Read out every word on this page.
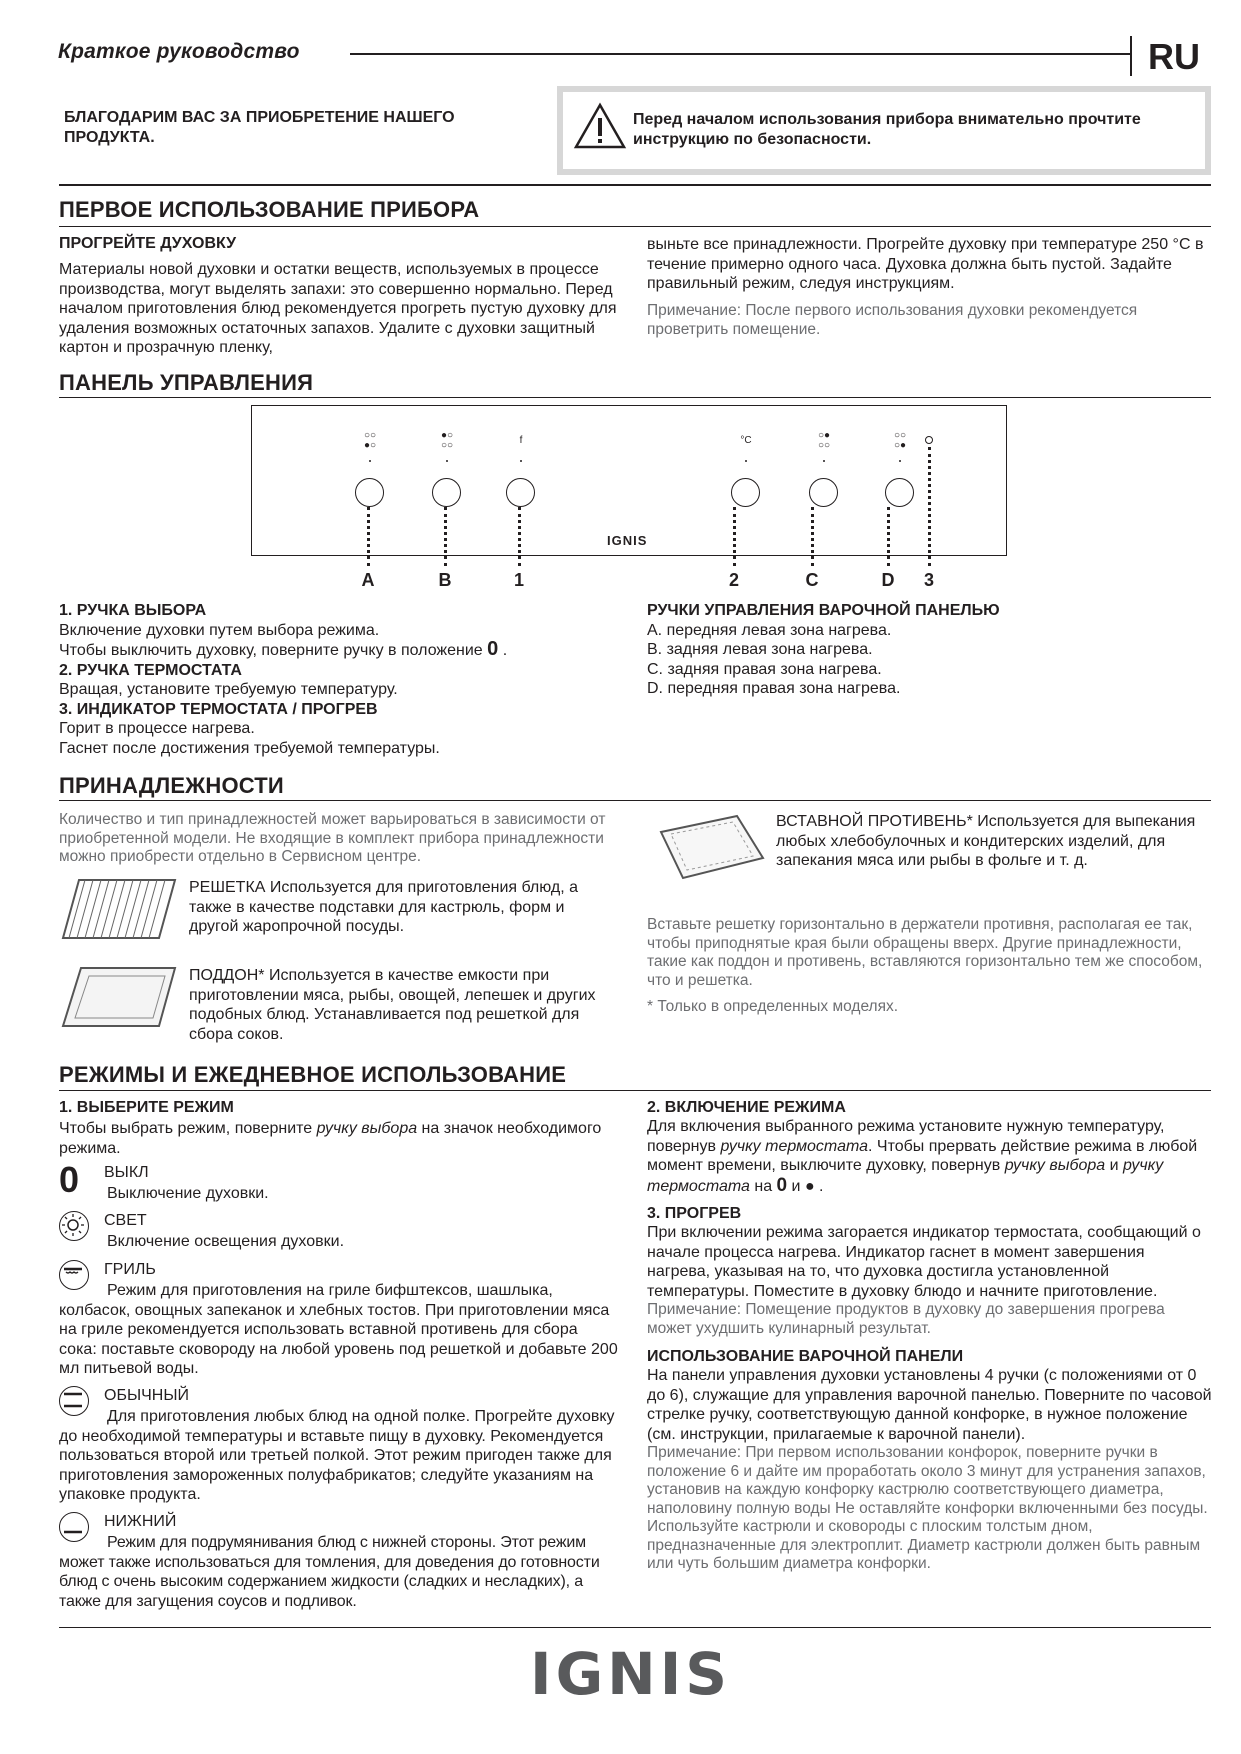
Краткое руководство	RU
БЛАГОДАРИМ ВАС ЗА ПРИОБРЕТЕНИЕ НАШЕГО ПРОДУКТА.
Перед началом использования прибора внимательно прочтите инструкцию по безопасности.
ПЕРВОЕ ИСПОЛЬЗОВАНИЕ ПРИБОРА
ПРОГРЕЙТЕ ДУХОВКУ
Материалы новой духовки и остатки веществ, используемых в процессе производства, могут выделять запахи: это совершенно нормально. Перед началом приготовления блюд рекомендуется прогреть пустую духовку для удаления возможных остаточных запахов. Удалите с духовки защитный картон и прозрачную пленку,
выньте все принадлежности. Прогрейте духовку при температуре 250 °C в течение примерно одного часа. Духовка должна быть пустой. Задайте правильный режим, следуя инструкциям.
Примечание: После первого использования духовки рекомендуется проветрить помещение.
ПАНЕЛЬ УПРАВЛЕНИЯ
○○
●○
●○
○○	f	°C	○●
○○
○○
○●
IGNIS
A	B	1	2	C	D	3
1. РУЧКА ВЫБОРА
Включение духовки путем выбора режима.
Чтобы выключить духовку, поверните ручку в положение 0 .
2. РУЧКА ТЕРМОСТАТА
Вращая, установите требуемую температуру.
3. ИНДИКАТОР ТЕРМОСТАТА / ПРОГРЕВ
Горит в процессе нагрева.
Гаснет после достижения требуемой температуры.
РУЧКИ УПРАВЛЕНИЯ ВАРОЧНОЙ ПАНЕЛЬЮ
A. передняя левая зона нагрева.
B. задняя левая зона нагрева.
C. задняя правая зона нагрева.
D. передняя правая зона нагрева.
ПРИНАДЛЕЖНОСТИ
Количество и тип принадлежностей может варьироваться в зависимости от приобретенной модели. Не входящие в комплект прибора принадлежности можно приобрести отдельно в Сервисном центре.
РЕШЕТКА Используется для приготовления блюд, а также в качестве подставки для кастрюль, форм и другой жаропрочной посуды.
ПОДДОН* Используется в качестве емкости при приготовлении мяса, рыбы, овощей, лепешек и других подобных блюд. Устанавливается под решеткой для сбора соков.
ВСТАВНОЙ ПРОТИВЕНЬ* Используется для выпекания любых хлебобулочных и кондитерских изделий, для запекания мяса или рыбы в фольге и т. д.
Вставьте решетку горизонтально в держатели противня, располагая ее так, чтобы приподнятые края были обращены вверх. Другие принадлежности, такие как поддон и противень, вставляются горизонтально тем же способом, что и решетка.
* Только в определенных моделях.
РЕЖИМЫ И ЕЖЕДНЕВНОЕ ИСПОЛЬЗОВАНИЕ
1. ВЫБЕРИТЕ РЕЖИМ
Чтобы выбрать режим, поверните ручку выбора на значок необходимого режима.
0 ВЫКЛ
Выключение духовки.
СВЕТ
Включение освещения духовки.
ГРИЛЬ
Режим для приготовления на гриле бифштексов, шашлыка, колбасок, овощных запеканок и хлебных тостов. При приготовлении мяса на гриле рекомендуется использовать вставной противень для сбора сока: поставьте сковороду на любой уровень под решеткой и добавьте 200 мл питьевой воды.
ОБЫЧНЫЙ
Для приготовления любых блюд на одной полке. Прогрейте духовку до необходимой температуры и вставьте пищу в духовку. Рекомендуется пользоваться второй или третьей полкой. Этот режим пригоден также для приготовления замороженных полуфабрикатов; следуйте указаниям на упаковке продукта.
НИЖНИЙ
Режим для подрумянивания блюд с нижней стороны. Этот режим может также использоваться для томления, для доведения до готовности блюд с очень высоким содержанием жидкости (сладких и несладких), а также для загущения соусов и подливок.
2. ВКЛЮЧЕНИЕ РЕЖИМА
Для включения выбранного режима установите нужную температуру, повернув ручку термостата. Чтобы прервать действие режима в любой момент времени, выключите духовку, повернув ручку выбора и ручку термостата на 0 и ● .
3. ПРОГРЕВ
При включении режима загорается индикатор термостата, сообщающий о начале процесса нагрева. Индикатор гаснет в момент завершения нагрева, указывая на то, что духовка достигла установленной температуры. Поместите в духовку блюдо и начните приготовление.
Примечание: Помещение продуктов в духовку до завершения прогрева может ухудшить кулинарный результат.
ИСПОЛЬЗОВАНИЕ ВАРОЧНОЙ ПАНЕЛИ
На панели управления духовки установлены 4 ручки (с положениями от 0 до 6), служащие для управления варочной панелью. Поверните по часовой стрелке ручку, соответствующую данной конфорке, в нужное положение (см. инструкции, прилагаемые к варочной панели).
Примечание: При первом использовании конфорок, поверните ручки в положение 6 и дайте им проработать около 3 минут для устранения запахов, установив на каждую конфорку кастрюлю соответствующего диаметра, наполовину полную воды Не оставляйте конфорки включенными без посуды. Используйте кастрюли и сковороды с плоским толстым дном, предназначенные для электроплит. Диаметр кастрюли должен быть равным или чуть большим диаметра конфорки.
IGNIS
